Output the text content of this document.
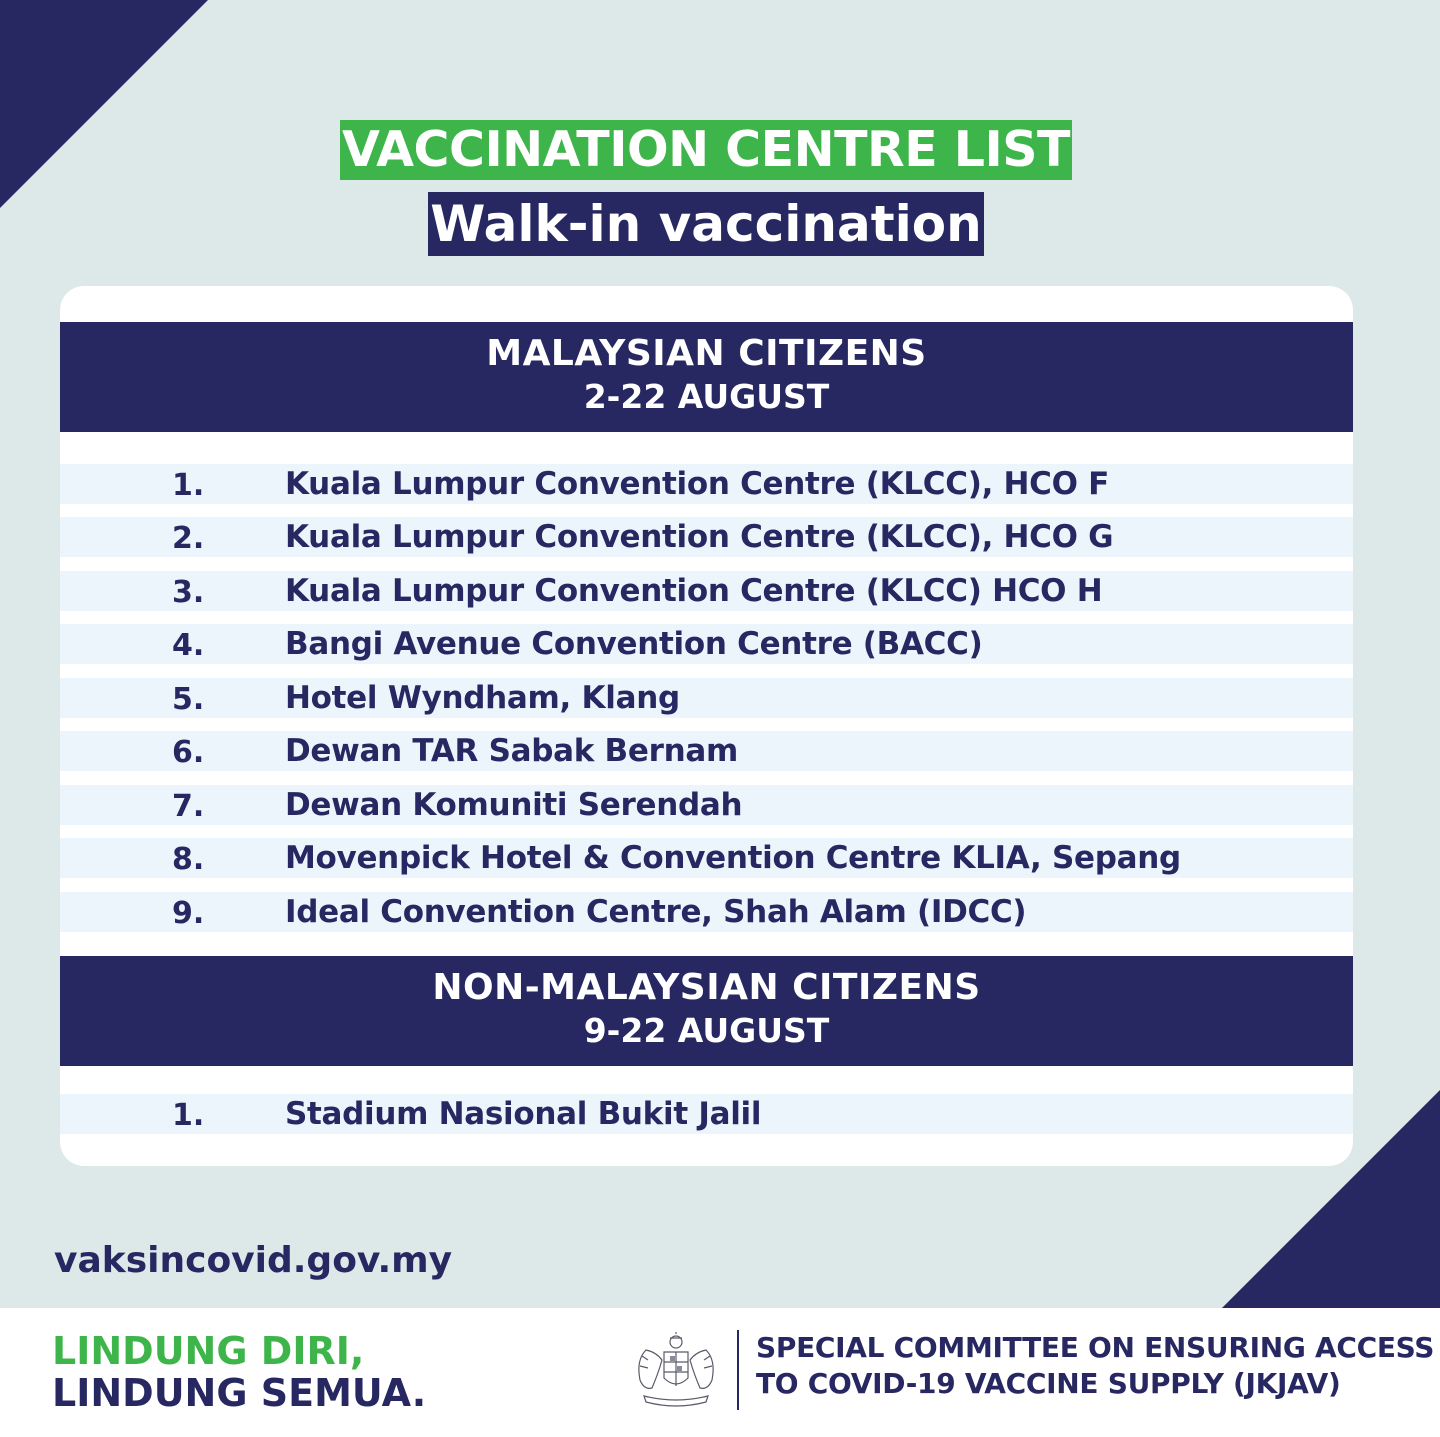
VACCINATION CENTRE LIST
Walk-in vaccination
MALAYSIAN CITIZENS
2-22 AUGUST
1.	Kuala Lumpur Convention Centre (KLCC), HCO F
2.	Kuala Lumpur Convention Centre (KLCC), HCO G
3.	Kuala Lumpur Convention Centre (KLCC) HCO H
4.	Bangi Avenue Convention Centre (BACC)
5.	Hotel Wyndham, Klang
6.	Dewan TAR Sabak Bernam
7.	Dewan Komuniti Serendah
8.	Movenpick Hotel & Convention Centre KLIA, Sepang
9.	Ideal Convention Centre, Shah Alam (IDCC)
NON-MALAYSIAN CITIZENS
9-22 AUGUST
1.	Stadium Nasional Bukit Jalil
vaksincovid.gov.my
LINDUNG DIRI,
LINDUNG SEMUA.
SPECIAL COMMITTEE ON ENSURING ACCESS
TO COVID-19 VACCINE SUPPLY (JKJAV)
